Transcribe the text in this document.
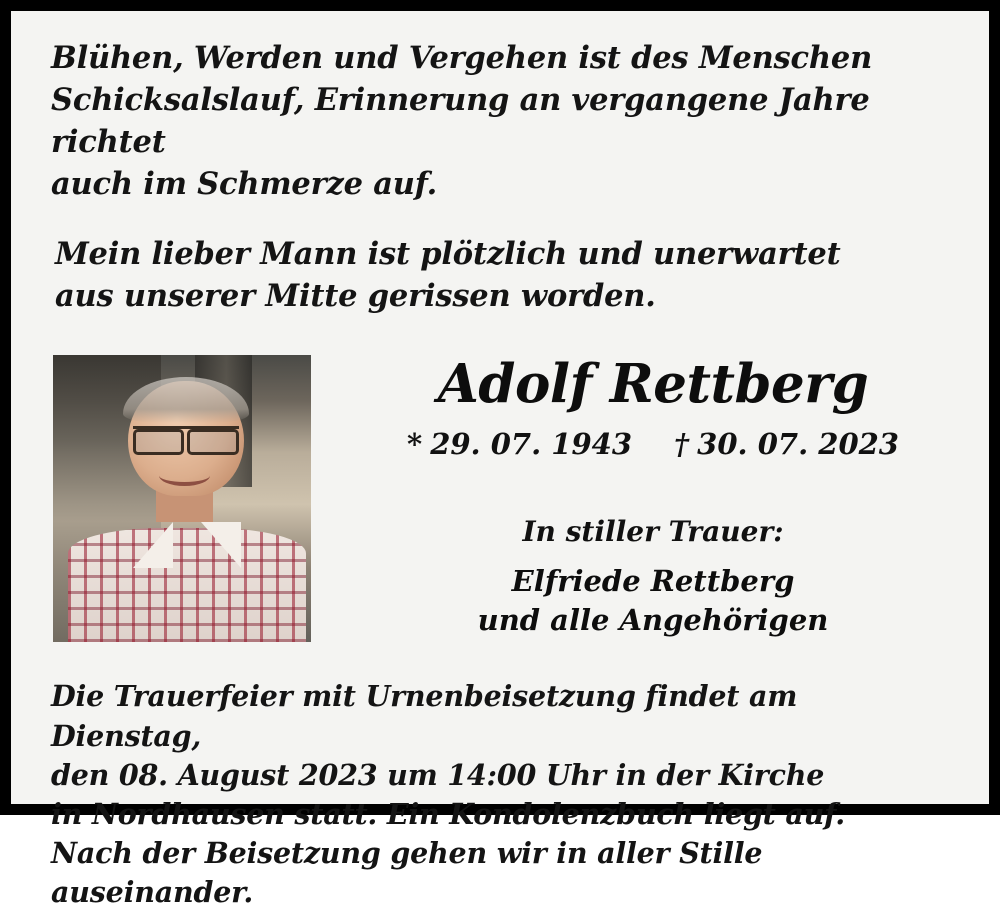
Blühen, Werden und Vergehen ist des Menschen
Schicksalslauf, Erinnerung an vergangene Jahre richtet
auch im Schmerze auf.
Mein lieber Mann ist plötzlich und unerwartet
aus unserer Mitte gerissen worden.
Adolf Rettberg
* 29. 07. 1943 † 30. 07. 2023
In stiller Trauer:
Elfriede Rettberg
und alle Angehörigen
Die Trauerfeier mit Urnenbeisetzung findet am Dienstag,
den 08. August 2023 um 14:00 Uhr in der Kirche
in Nordhausen statt. Ein Kondolenzbuch liegt auf.
Nach der Beisetzung gehen wir in aller Stille auseinander.
